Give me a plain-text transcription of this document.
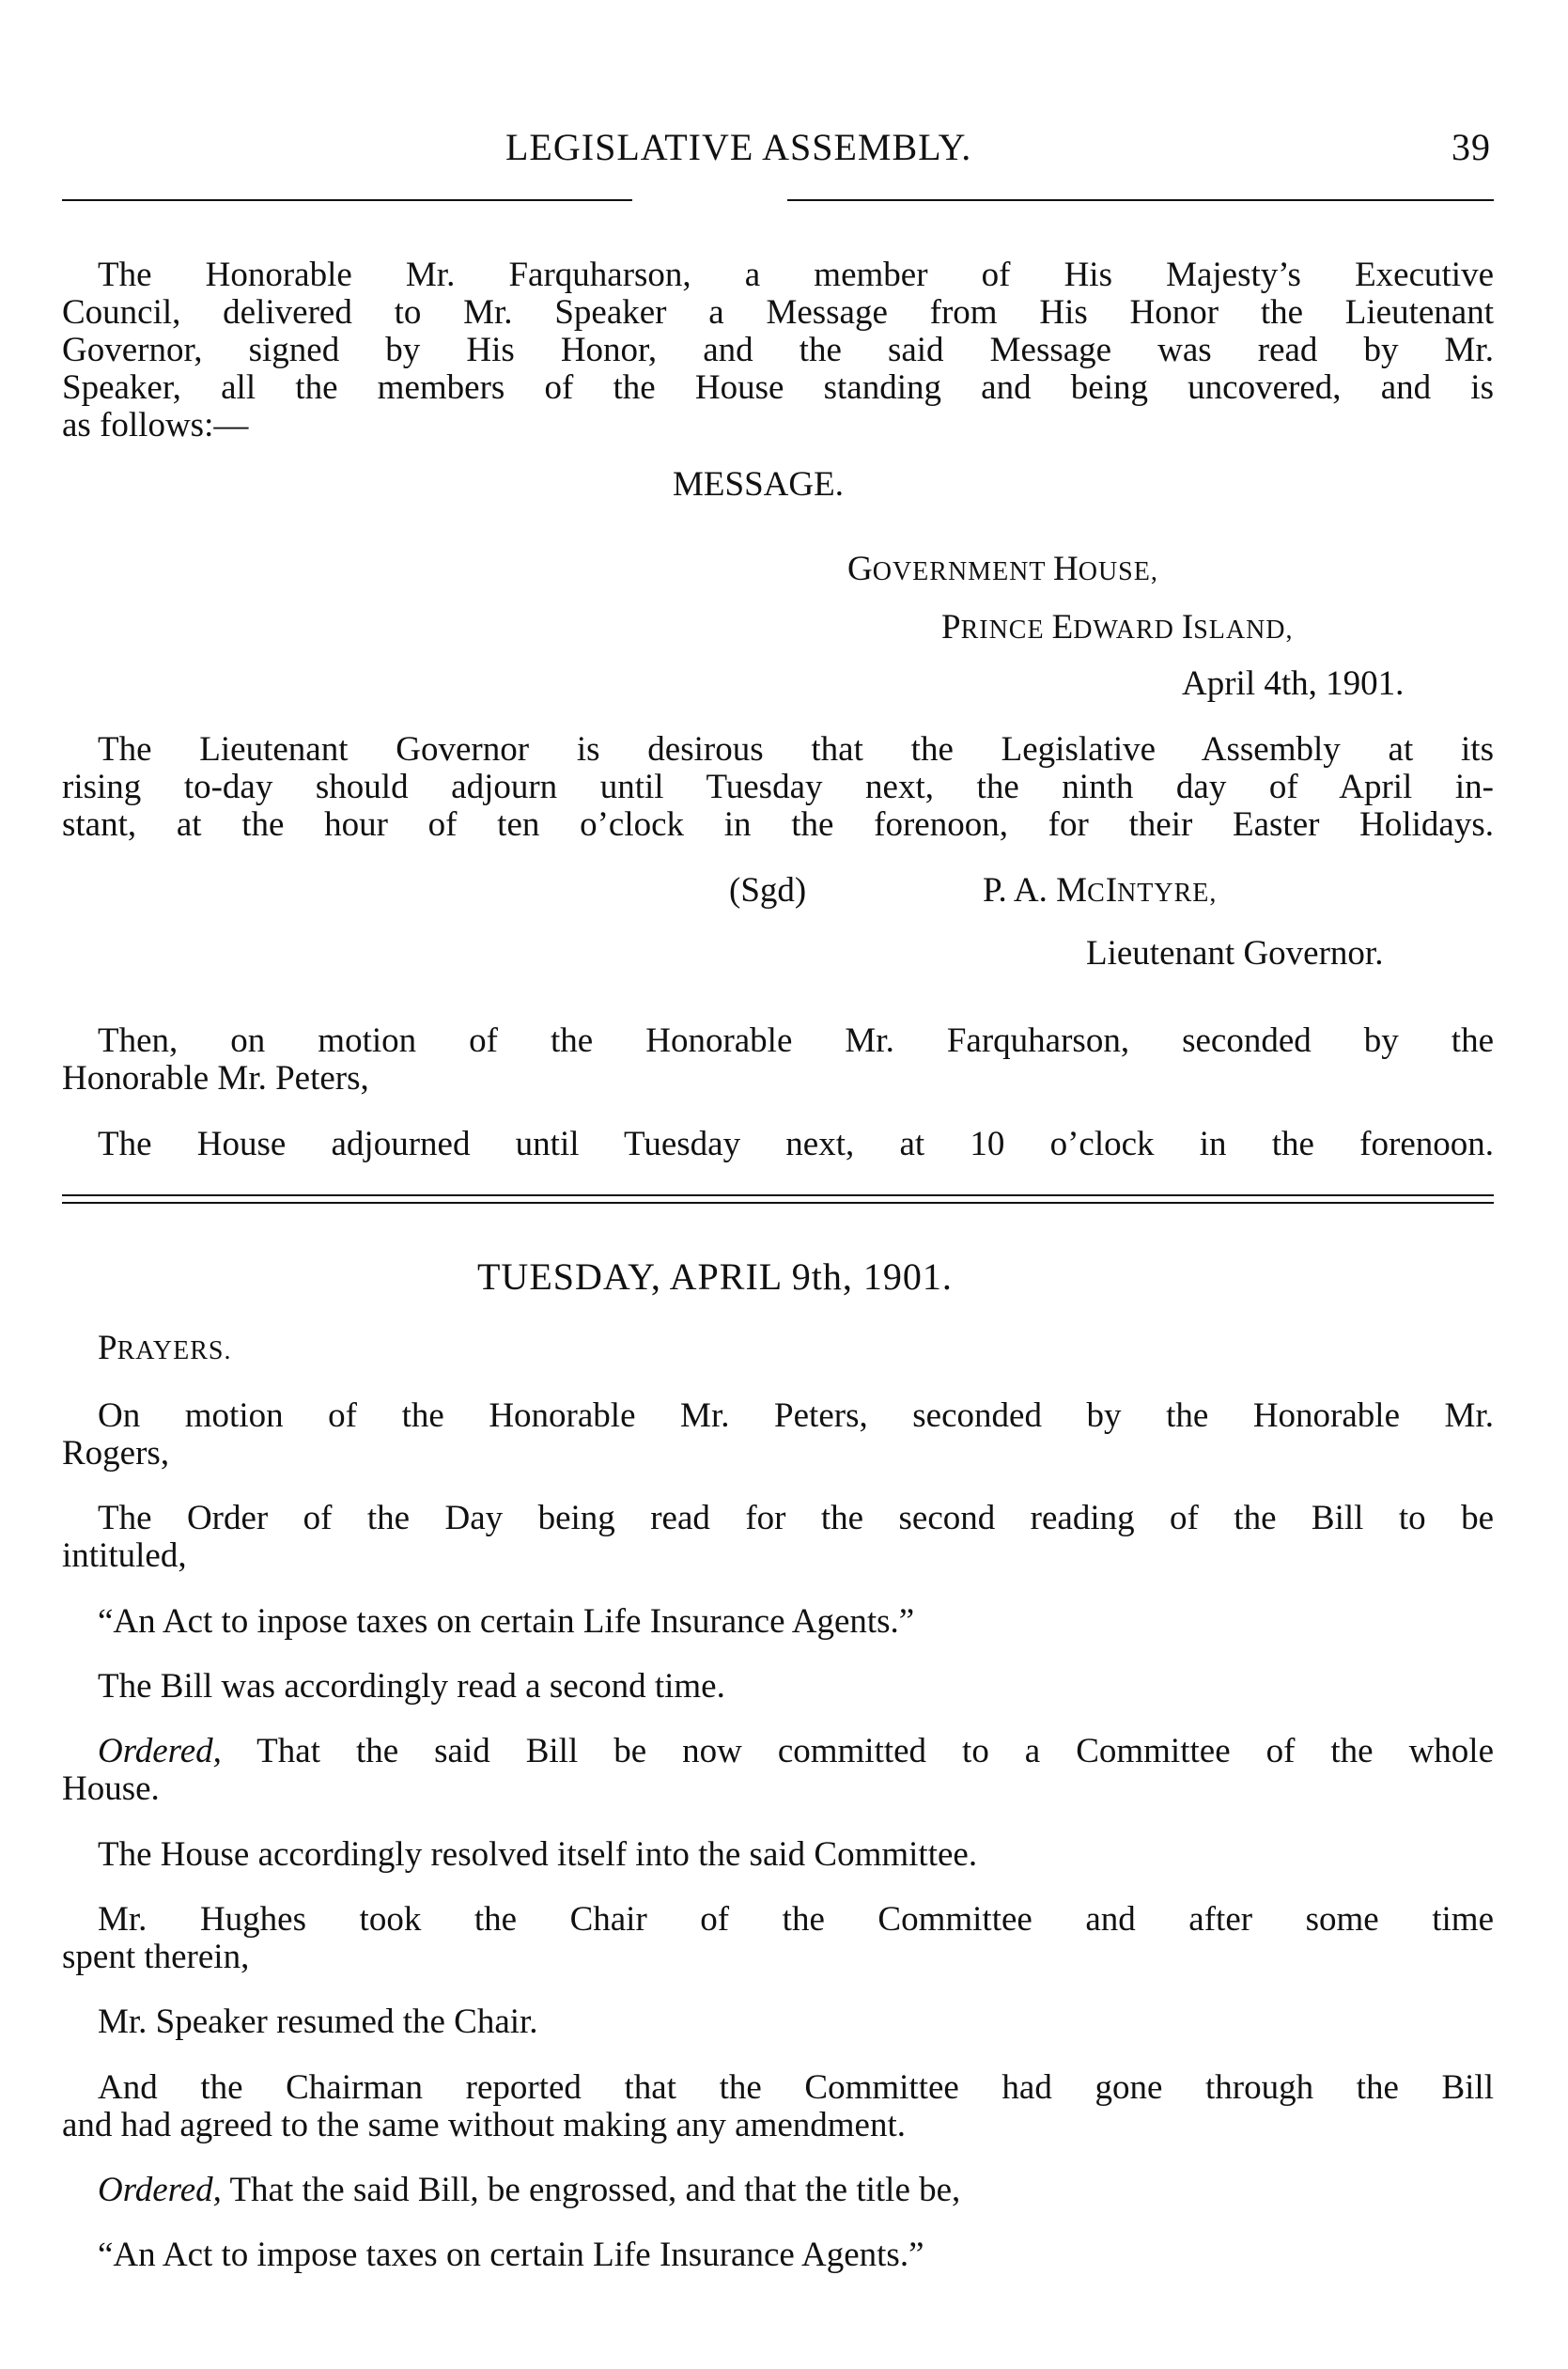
LEGISLATIVE ASSEMBLY.	39
The Honorable Mr. Farquharson, a member of His Majesty’s Executive
Council, delivered to Mr. Speaker a Message from His Honor the Lieutenant
Governor, signed by His Honor, and the said Message was read by Mr.
Speaker, all the members of the House standing and being uncovered, and is
as follows:—
MESSAGE.
GOVERNMENT HOUSE,
PRINCE EDWARD ISLAND,
April 4th, 1901.
The Lieutenant Governor is desirous that the Legislative Assembly at its
rising to-day should adjourn until Tuesday next, the ninth day of April in-
stant, at the hour of ten o’clock in the forenoon, for their Easter Holidays.
(Sgd)	P. A. MCINTYRE,
Lieutenant Governor.
Then, on motion of the Honorable Mr. Farquharson, seconded by the
Honorable Mr. Peters,
The House adjourned until Tuesday next, at 10 o’clock in the forenoon.
TUESDAY, APRIL 9th, 1901.
PRAYERS.
On motion of the Honorable Mr. Peters, seconded by the Honorable Mr.
Rogers,
The Order of the Day being read for the second reading of the Bill to be
intituled,
“An Act to inpose taxes on certain Life Insurance Agents.”
The Bill was accordingly read a second time.
Ordered, That the said Bill be now committed to a Committee of the whole
House.
The House accordingly resolved itself into the said Committee.
Mr. Hughes took the Chair of the Committee and after some time
spent therein,
Mr. Speaker resumed the Chair.
And the Chairman reported that the Committee had gone through the Bill
and had agreed to the same without making any amendment.
Ordered, That the said Bill, be engrossed, and that the title be,
“An Act to impose taxes on certain Life Insurance Agents.”
